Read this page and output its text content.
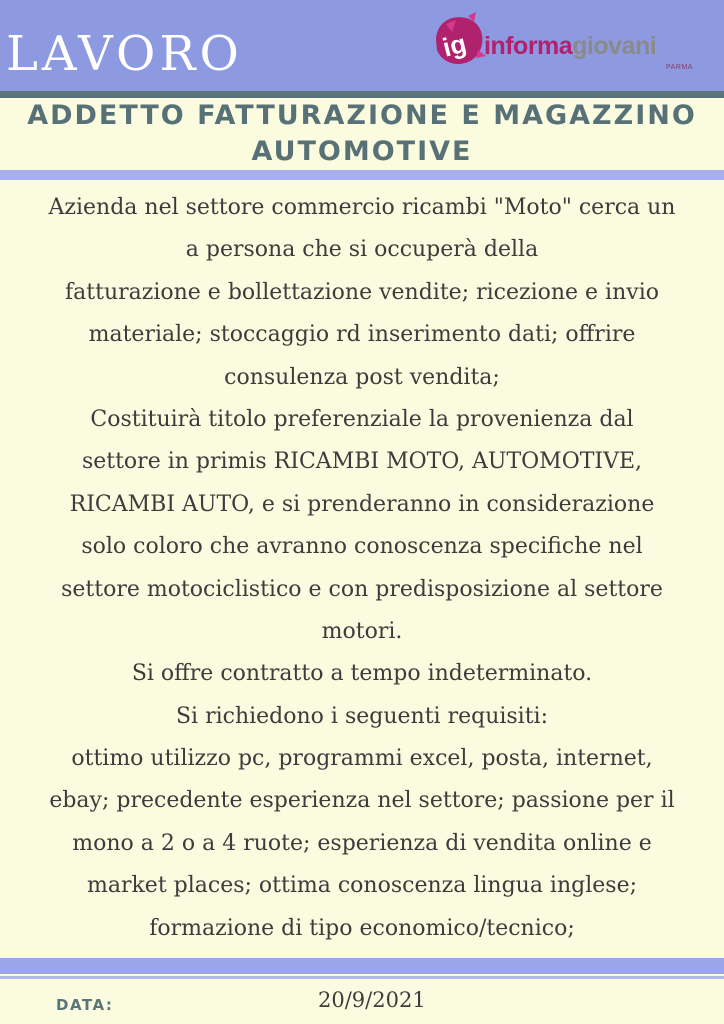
LAVORO	ig informagiovani
PARMA
ADDETTO FATTURAZIONE E MAGAZZINO
AUTOMOTIVE
Azienda nel settore commercio ricambi "Moto" cerca un
a persona che si occuperà della
fatturazione e bollettazione vendite; ricezione e invio
materiale; stoccaggio rd inserimento dati; offrire
consulenza post vendita;
Costituirà titolo preferenziale la provenienza dal
settore in primis RICAMBI MOTO, AUTOMOTIVE,
RICAMBI AUTO, e si prenderanno in considerazione
solo coloro che avranno conoscenza specifiche nel
settore motociclistico e con predisposizione al settore
motori.
Si offre contratto a tempo indeterminato.
Si richiedono i seguenti requisiti:
ottimo utilizzo pc, programmi excel, posta, internet,
ebay; precedente esperienza nel settore; passione per il
mono a 2 o a 4 ruote; esperienza di vendita online e
market places; ottima conoscenza lingua inglese;
formazione di tipo economico/tecnico;
DATA:	20/9/2021
